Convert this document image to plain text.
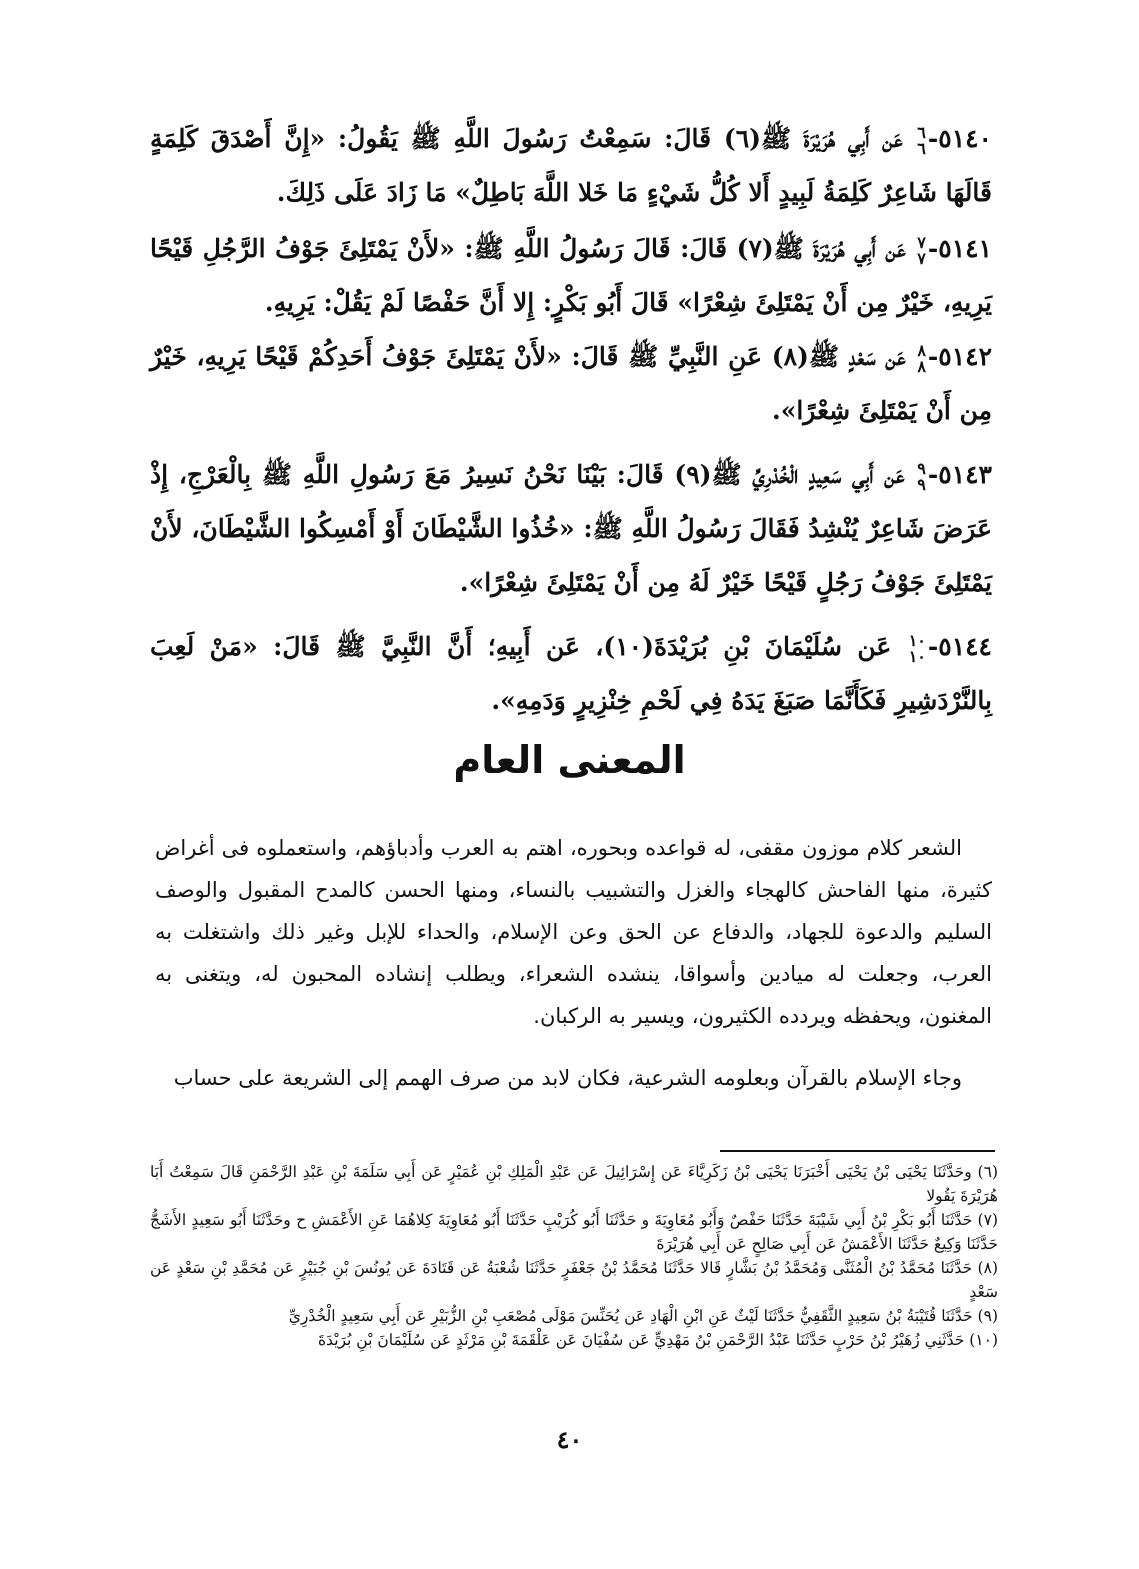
٥١٤٠-
٦
٦
عَن أَبِي هُرَيْرَةَ ﷺ(٦) قَالَ: سَمِعْتُ رَسُولَ اللَّهِ ﷺ يَقُولُ: «إِنَّ أَصْدَقَ كَلِمَةٍ قَالَهَا شَاعِرٌ كَلِمَةُ لَبِيدٍ أَلا كُلُّ شَيْءٍ مَا خَلا اللَّهَ بَاطِلٌ» مَا زَادَ عَلَى ذَلِكَ.
٥١٤١-
٧
٧
عَن أَبِي هُرَيْرَةَ ﷺ(٧) قَالَ: قَالَ رَسُولُ اللَّهِ ﷺ: «لأَنْ يَمْتَلِئَ جَوْفُ الرَّجُلِ قَيْحًا يَرِيهِ، خَيْرٌ مِن أَنْ يَمْتَلِئَ شِعْرًا» قَالَ أَبُو بَكْرٍ: إِلا أَنَّ حَفْصًا لَمْ يَقُلْ: يَرِيهِ.
٥١٤٢-
٨
٨
عَن سَعْدٍ ﷺ(٨) عَنِ النَّبِيِّ ﷺ قَالَ: «لأَنْ يَمْتَلِئَ جَوْفُ أَحَدِكُمْ قَيْحًا يَرِيهِ، خَيْرٌ مِن أَنْ يَمْتَلِئَ شِعْرًا».
٥١٤٣-
٩
٩
عَن أَبِي سَعِيدٍ الْخُدْرِيِّ ﷺ(٩) قَالَ: بَيْنَا نَحْنُ نَسِيرُ مَعَ رَسُولِ اللَّهِ ﷺ بِالْعَرْجِ، إِذْ عَرَضَ شَاعِرٌ يُنْشِدُ فَقَالَ رَسُولُ اللَّهِ ﷺ: «خُذُوا الشَّيْطَانَ أَوْ أَمْسِكُوا الشَّيْطَانَ، لأَنْ يَمْتَلِئَ جَوْفُ رَجُلٍ قَيْحًا خَيْرٌ لَهُ مِن أَنْ يَمْتَلِئَ شِعْرًا».
٥١٤٤-
١٠
١٠
عَن سُلَيْمَانَ بْنِ بُرَيْدَةَ(١٠)، عَن أَبِيهِ؛ أَنَّ النَّبِيَّ ﷺ قَالَ: «مَنْ لَعِبَ بِالنَّرْدَشِيرِ فَكَأَنَّمَا صَبَغَ يَدَهُ فِي لَحْمِ خِنْزِيرٍ وَدَمِهِ».
المعنى العام
الشعر كلام موزون مقفى، له قواعده وبحوره، اهتم به العرب وأدباؤهم، واستعملوه فى أغراض كثيرة، منها الفاحش كالهجاء والغزل والتشبيب بالنساء، ومنها الحسن كالمدح المقبول والوصف السليم والدعوة للجهاد، والدفاع عن الحق وعن الإسلام، والحداء للإبل وغير ذلك واشتغلت به العرب، وجعلت له ميادين وأسواقا، ينشده الشعراء، ويطلب إنشاده المحبون له، ويتغنى به المغنون، ويحفظه ويردده الكثيرون، ويسير به الركبان.
وجاء الإسلام بالقرآن وبعلومه الشرعية، فكان لابد من صرف الهمم إلى الشريعة على حساب

(٦) وحَدَّثَنَا يَحْيَى بْنُ يَحْيَى أَخْبَرَنَا يَحْيَى بْنُ زَكَرِيَّاءَ عَن إِسْرَائِيلَ عَن عَبْدِ الْمَلِكِ بْنِ عُمَيْرٍ عَن أَبِي سَلَمَةَ بْنِ عَبْدِ الرَّحْمَنِ قَالَ سَمِعْتُ أَبَا هُرَيْرَةَ يَقُولا

(٧) حَدَّثَنَا أَبُو بَكْرِ بْنُ أَبِي شَيْبَةَ حَدَّثَنَا حَفْصٌ وَأَبُو مُعَاوِيَةَ و حَدَّثَنَا أَبُو كُرَيْبٍ حَدَّثَنَا أَبُو مُعَاوِيَةَ كِلاهُمَا عَنِ الأَعْمَشِ ح وحَدَّثَنَا أَبُو سَعِيدٍ الأَشَجُّ حَدَّثَنَا وَكِيعٌ حَدَّثَنَا الأَعْمَشُ عَن أَبِي صَالِحٍ عَن أَبِي هُرَيْرَةَ

(٨) حَدَّثَنَا مُحَمَّدُ بْنُ الْمُثَنَّى وَمُحَمَّدُ بْنُ بَشَّارٍ قَالا حَدَّثَنَا مُحَمَّدُ بْنُ جَعْفَرٍ حَدَّثَنَا شُعْبَةُ عَن قَتَادَةَ عَن يُونُسَ بْنِ جُبَيْرٍ عَن مُحَمَّدِ بْنِ سَعْدٍ عَن سَعْدٍ

(٩) حَدَّثَنَا قُتَيْبَةُ بْنُ سَعِيدٍ الثَّقَفِيُّ حَدَّثَنَا لَيْثٌ عَنِ ابْنِ الْهَادِ عَن يُحَنِّسَ مَوْلَى مُصْعَبِ بْنِ الزُّبَيْرِ عَن أَبِي سَعِيدٍ الْخُدْرِيِّ

(١٠) حَدَّثَنِي زُهَيْرُ بْنُ حَرْبٍ حَدَّثَنَا عَبْدُ الرَّحْمَنِ بْنُ مَهْدِيٍّ عَن سُفْيَانَ عَن عَلْقَمَةَ بْنِ مَرْثَدٍ عَن سُلَيْمَانَ بْنِ بُرَيْدَةَ

٤٠
